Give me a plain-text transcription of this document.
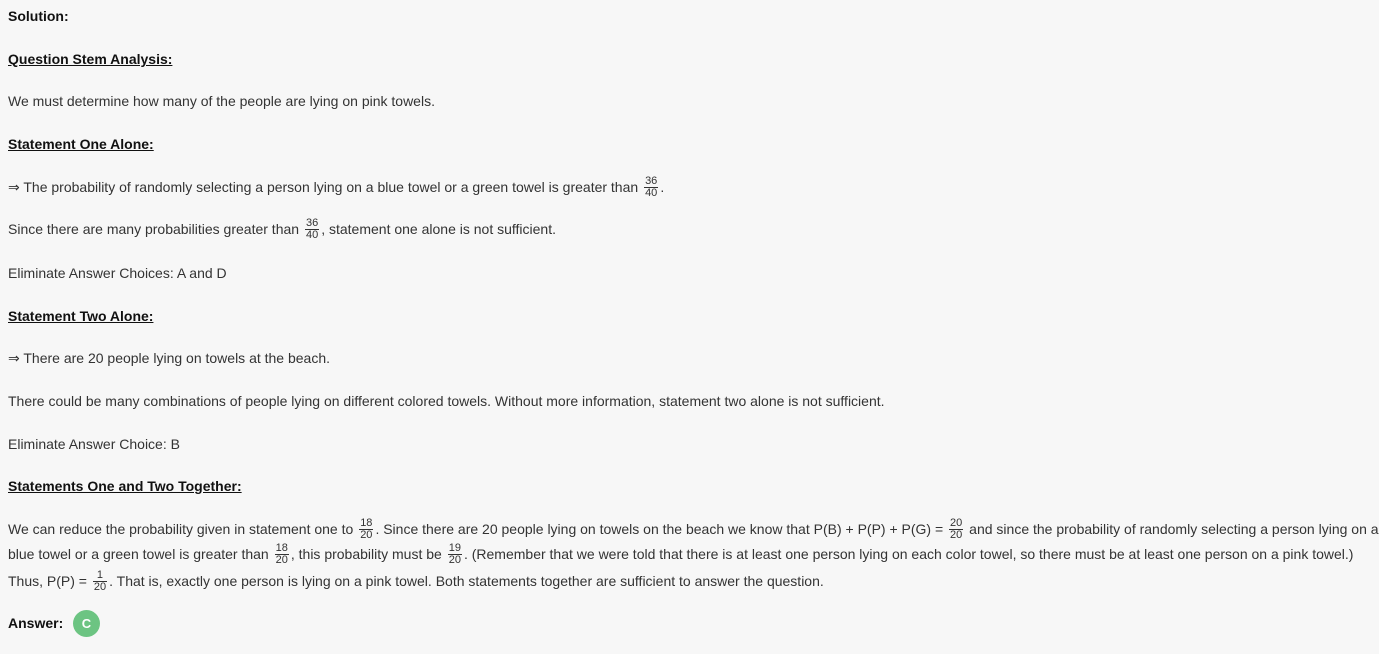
Solution:
Question Stem Analysis:
We must determine how many of the people are lying on pink towels.
Statement One Alone:
⇒ The probability of randomly selecting a person lying on a blue towel or a green towel is greater than $\frac{36}{40}$ .
Since there are many probabilities greater than $\frac{36}{40}$ , statement one alone is not sufficient.
Eliminate Answer Choices: A and D
Statement Two Alone:
⇒ There are 20 people lying on towels at the beach.
There could be many combinations of people lying on different colored towels. Without more information, statement two alone is not sufficient.
Eliminate Answer Choice: B
Statements One and Two Together:
We can reduce the probability given in statement one to $\frac{18}{20}$ . Since there are 20 people lying on towels on the beach we know that $P(B) + P(P) + P(G) = \frac{20}{20}$ and since the probability of randomly selecting a person lying on a
blue towel or a green towel is greater than $\frac{18}{20}$ , this probability must be $\frac{19}{20}$ . (Remember that we were told that there is at least one person lying on each color towel, so there must be at least one person on a pink towel.)
Thus, $P(P) = \frac{1}{20}$ . That is, exactly one person is lying on a pink towel. Both statements together are sufficient to answer the question.
Answer:	C
